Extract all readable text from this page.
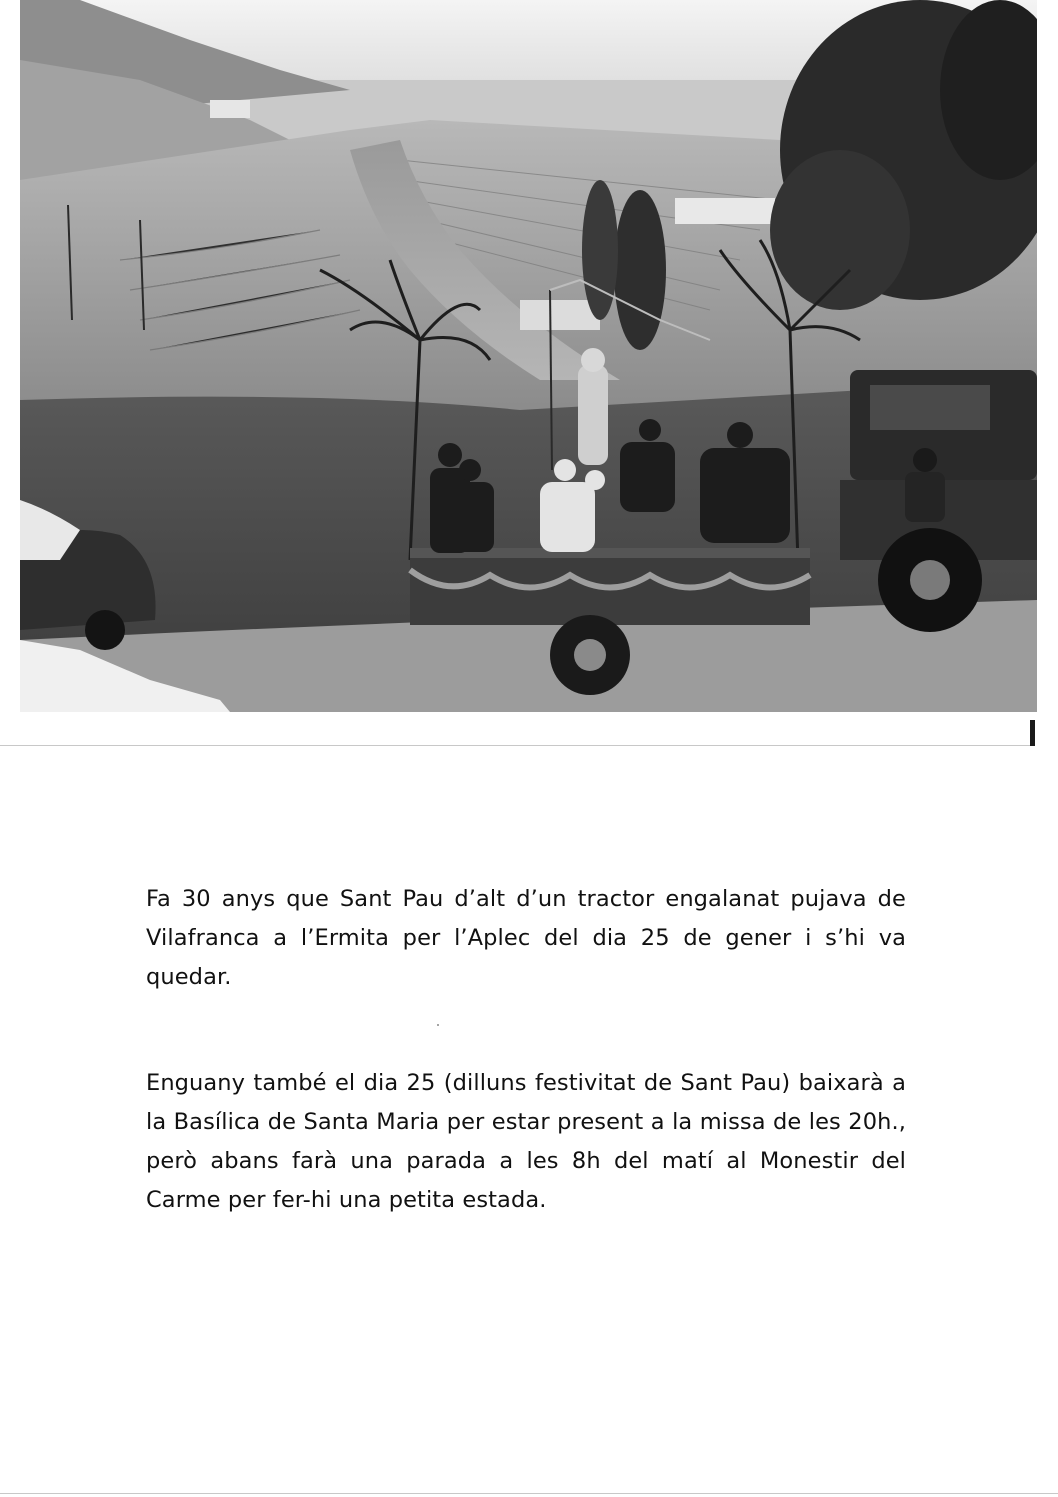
Fa 30 anys que Sant Pau d’alt d’un tractor engalanat pujava de Vilafranca a l’Ermita per l’Aplec del dia 25 de gener i s’hi va quedar.

Enguany també el dia 25 (dilluns festivitat de Sant Pau) baixarà a la Basílica de Santa Maria per estar present a la missa de les 20h., però abans farà una parada a les 8h del matí al Monestir del Carme per fer-hi una petita estada.
